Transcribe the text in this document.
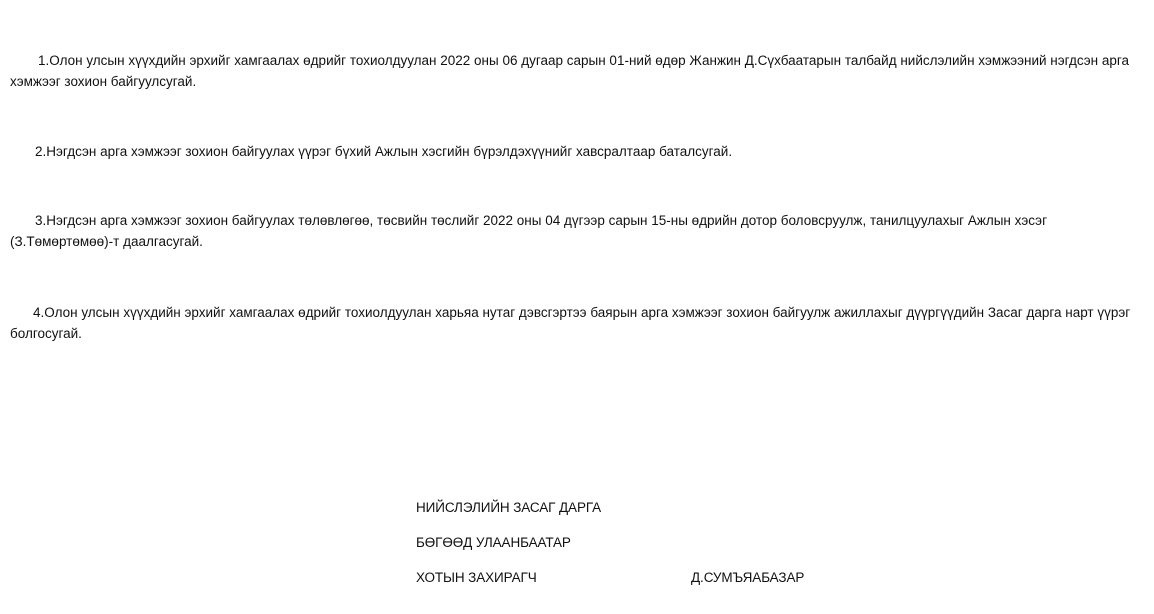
1.Олон улсын хүүхдийн эрхийг хамгаалах өдрийг тохиолдуулан 2022 оны 06 дугаар сарын 01-ний өдөр Жанжин Д.Сүхбаатарын талбайд нийслэлийн хэмжээний нэгдсэн арга хэмжээг зохион байгуулсугай.

2.Нэгдсэн арга хэмжээг зохион байгуулах үүрэг бүхий Ажлын хэсгийн бүрэлдэхүүнийг хавсралтаар баталсугай.

3.Нэгдсэн арга хэмжээг зохион байгуулах төлөвлөгөө, төсвийн төслийг 2022 оны 04 дүгээр сарын 15-ны өдрийн дотор боловсруулж, танилцуулахыг Ажлын хэсэг (З.Төмөртөмөө)-т даалгасугай.

4.Олон улсын хүүхдийн эрхийг хамгаалах өдрийг тохиолдуулан харьяа нутаг дэвсгэртээ баярын арга хэмжээг зохион байгуулж ажиллахыг дүүргүүдийн Засаг дарга нарт үүрэг болгосугай.

НИЙСЛЭЛИЙН ЗАСАГ ДАРГА
БӨГӨӨД УЛААНБААТАР
ХОТЫН ЗАХИРАГЧ	Д.СУМЪЯАБАЗАР
